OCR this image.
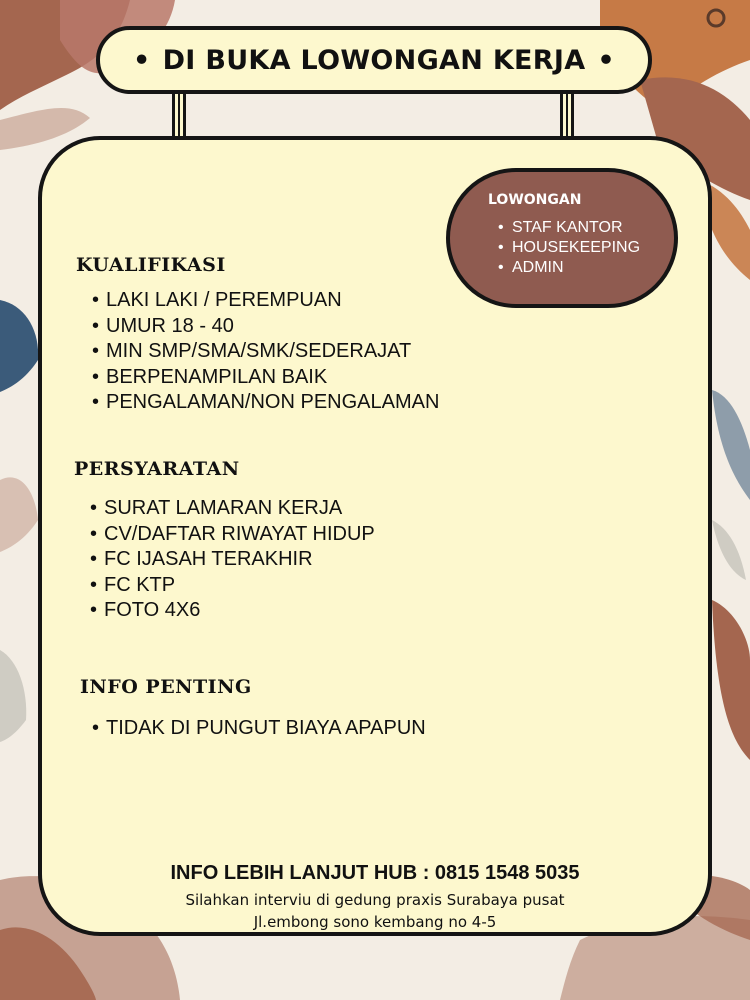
• DI BUKA LOWONGAN KERJA •
LOWONGAN
• STAF KANTOR
• HOUSEKEEPING
• ADMIN
KUALIFIKASI
• LAKI LAKI / PEREMPUAN
• UMUR 18 - 40
• MIN SMP/SMA/SMK/SEDERAJAT
• BERPENAMPILAN BAIK
• PENGALAMAN/NON PENGALAMAN
PERSYARATAN
• SURAT LAMARAN KERJA
• CV/DAFTAR RIWAYAT HIDUP
• FC IJASAH TERAKHIR
• FC KTP
• FOTO 4X6
INFO PENTING
• TIDAK DI PUNGUT BIAYA APAPUN
INFO LEBIH LANJUT HUB : 0815 1548 5035
Silahkan interviu di gedung praxis Surabaya pusat
Jl.embong sono kembang no 4-5
